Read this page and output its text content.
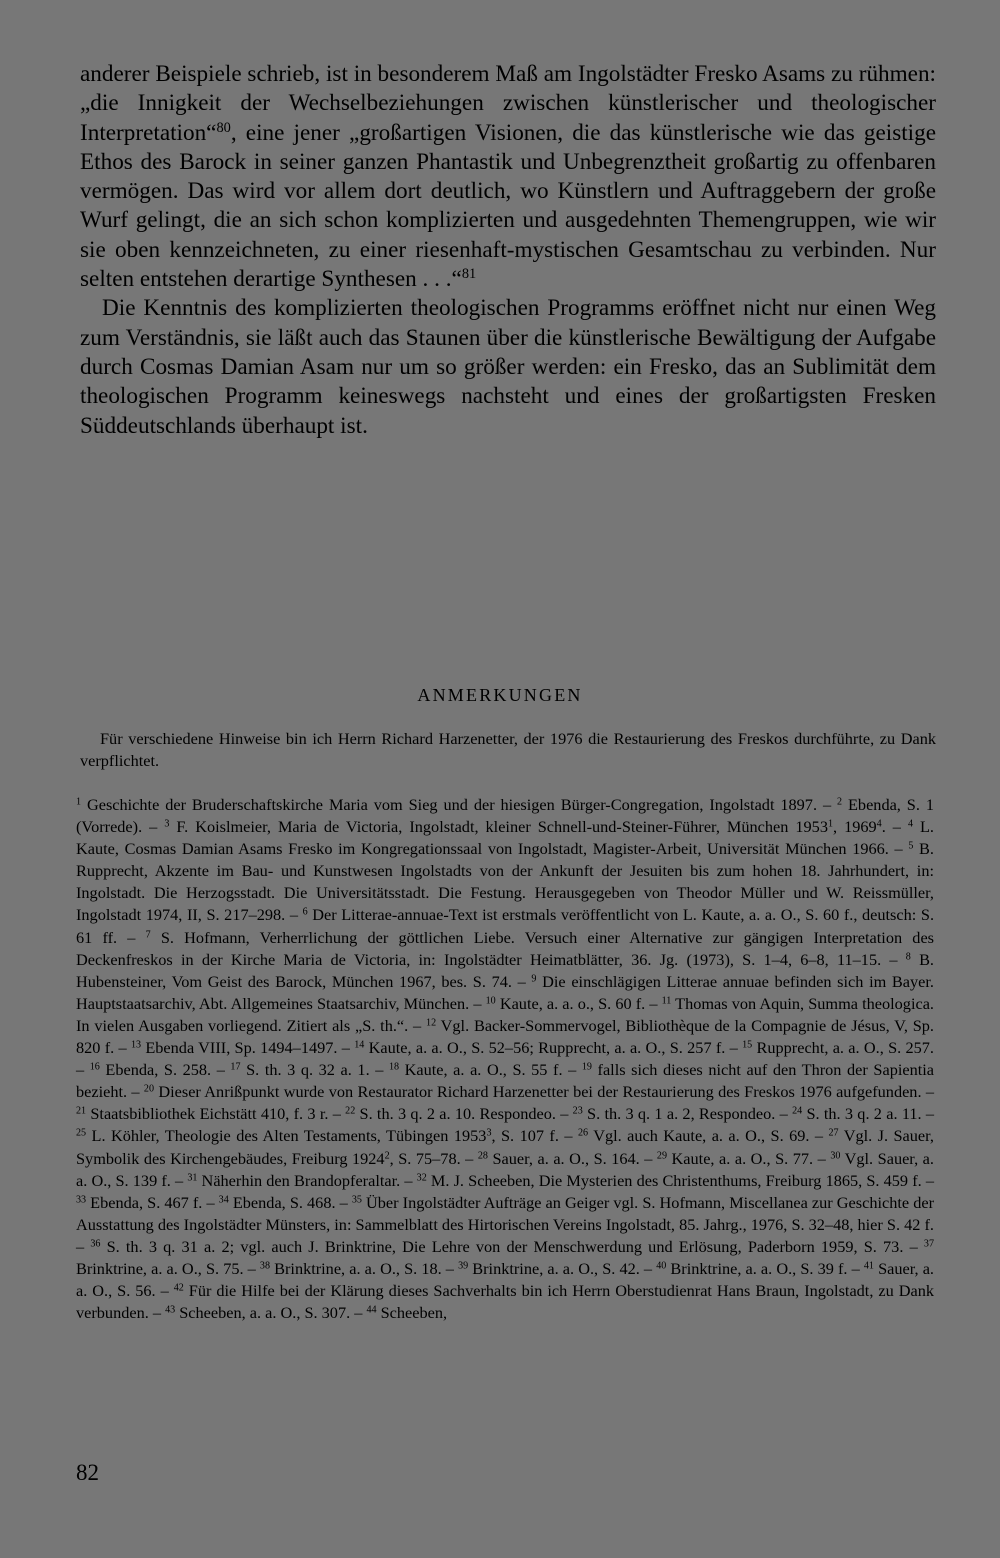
anderer Beispiele schrieb, ist in besonderem Maß am Ingolstädter Fresko Asams zu rühmen: „die Innigkeit der Wechselbeziehungen zwischen künstlerischer und theologischer Interpretation“$^{80}$, eine jener „großartigen Visionen, die das künstlerische wie das geistige Ethos des Barock in seiner ganzen Phantastik und Unbegrenztheit großartig zu offenbaren vermögen. Das wird vor allem dort deutlich, wo Künstlern und Auftraggebern der große Wurf gelingt, die an sich schon komplizierten und ausgedehnten Themengruppen, wie wir sie oben kennzeichneten, zu einer riesenhaft-mystischen Gesamtschau zu verbinden. Nur selten entstehen derartige Synthesen . . .“$^{81}$

Die Kenntnis des komplizierten theologischen Programms eröffnet nicht nur einen Weg zum Verständnis, sie läßt auch das Staunen über die künstlerische Bewältigung der Aufgabe durch Cosmas Damian Asam nur um so größer werden: ein Fresko, das an Sublimität dem theologischen Programm keineswegs nachsteht und eines der großartigsten Fresken Süddeutschlands überhaupt ist.

ANMERKUNGEN

Für verschiedene Hinweise bin ich Herrn Richard Harzenetter, der 1976 die Restaurierung des Freskos durchführte, zu Dank verpflichtet.

$^1$ Geschichte der Bruderschaftskirche Maria vom Sieg und der hiesigen Bürger-Congregation, Ingolstadt 1897. – $^2$ Ebenda, S. 1 (Vorrede). – $^3$ F. Koislmeier, Maria de Victoria, Ingolstadt, kleiner Schnell-und-Steiner-Führer, München 1953$^1$, 1969$^4$. – $^4$ L. Kaute, Cosmas Damian Asams Fresko im Kongregationssaal von Ingolstadt, Magister-Arbeit, Universität München 1966. – $^5$ B. Rupprecht, Akzente im Bau- und Kunstwesen Ingolstadts von der Ankunft der Jesuiten bis zum hohen 18. Jahrhundert, in: Ingolstadt. Die Herzogsstadt. Die Universitätsstadt. Die Festung. Herausgegeben von Theodor Müller und W. Reissmüller, Ingolstadt 1974, II, S. 217–298. – $^6$ Der Litterae-annuae-Text ist erstmals veröffentlicht von L. Kaute, a. a. O., S. 60 f., deutsch: S. 61 ff. – $^7$ S. Hofmann, Verherrlichung der göttlichen Liebe. Versuch einer Alternative zur gängigen Interpretation des Deckenfreskos in der Kirche Maria de Victoria, in: Ingolstädter Heimatblätter, 36. Jg. (1973), S. 1–4, 6–8, 11–15. – $^8$ B. Hubensteiner, Vom Geist des Barock, München 1967, bes. S. 74. – $^9$ Die einschlägigen Litterae annuae befinden sich im Bayer. Hauptstaatsarchiv, Abt. Allgemeines Staatsarchiv, München. – $^{10}$ Kaute, a. a. o., S. 60 f. – $^{11}$ Thomas von Aquin, Summa theologica. In vielen Ausgaben vorliegend. Zitiert als „S. th.“. – $^{12}$ Vgl. Backer-Sommervogel, Bibliothèque de la Compagnie de Jésus, V, Sp. 820 f. – $^{13}$ Ebenda VIII, Sp. 1494–1497. – $^{14}$ Kaute, a. a. O., S. 52–56; Rupprecht, a. a. O., S. 257 f. – $^{15}$ Rupprecht, a. a. O., S. 257. – $^{16}$ Ebenda, S. 258. – $^{17}$ S. th. 3 q. 32 a. 1. – $^{18}$ Kaute, a. a. O., S. 55 f. – $^{19}$ falls sich dieses nicht auf den Thron der Sapientia bezieht. – $^{20}$ Dieser Anrißpunkt wurde von Restaurator Richard Harzenetter bei der Restaurierung des Freskos 1976 aufgefunden. – $^{21}$ Staatsbibliothek Eichstätt 410, f. 3 r. – $^{22}$ S. th. 3 q. 2 a. 10. Respondeo. – $^{23}$ S. th. 3 q. 1 a. 2, Respondeo. – $^{24}$ S. th. 3 q. 2 a. 11. – $^{25}$ L. Köhler, Theologie des Alten Testaments, Tübingen 1953$^3$, S. 107 f. – $^{26}$ Vgl. auch Kaute, a. a. O., S. 69. – $^{27}$ Vgl. J. Sauer, Symbolik des Kirchengebäudes, Freiburg 1924$^2$, S. 75–78. – $^{28}$ Sauer, a. a. O., S. 164. – $^{29}$ Kaute, a. a. O., S. 77. – $^{30}$ Vgl. Sauer, a. a. O., S. 139 f. – $^{31}$ Näherhin den Brandopferaltar. – $^{32}$ M. J. Scheeben, Die Mysterien des Christenthums, Freiburg 1865, S. 459 f. – $^{33}$ Ebenda, S. 467 f. – $^{34}$ Ebenda, S. 468. – $^{35}$ Über Ingolstädter Aufträge an Geiger vgl. S. Hofmann, Miscellanea zur Geschichte der Ausstattung des Ingolstädter Münsters, in: Sammelblatt des Hirtorischen Vereins Ingolstadt, 85. Jahrg., 1976, S. 32–48, hier S. 42 f. – $^{36}$ S. th. 3 q. 31 a. 2; vgl. auch J. Brinktrine, Die Lehre von der Menschwerdung und Erlösung, Paderborn 1959, S. 73. – $^{37}$ Brinktrine, a. a. O., S. 75. – $^{38}$ Brinktrine, a. a. O., S. 18. – $^{39}$ Brinktrine, a. a. O., S. 42. – $^{40}$ Brinktrine, a. a. O., S. 39 f. – $^{41}$ Sauer, a. a. O., S. 56. – $^{42}$ Für die Hilfe bei der Klärung dieses Sachverhalts bin ich Herrn Oberstudienrat Hans Braun, Ingolstadt, zu Dank verbunden. – $^{43}$ Scheeben, a. a. O., S. 307. – $^{44}$ Scheeben,

82
